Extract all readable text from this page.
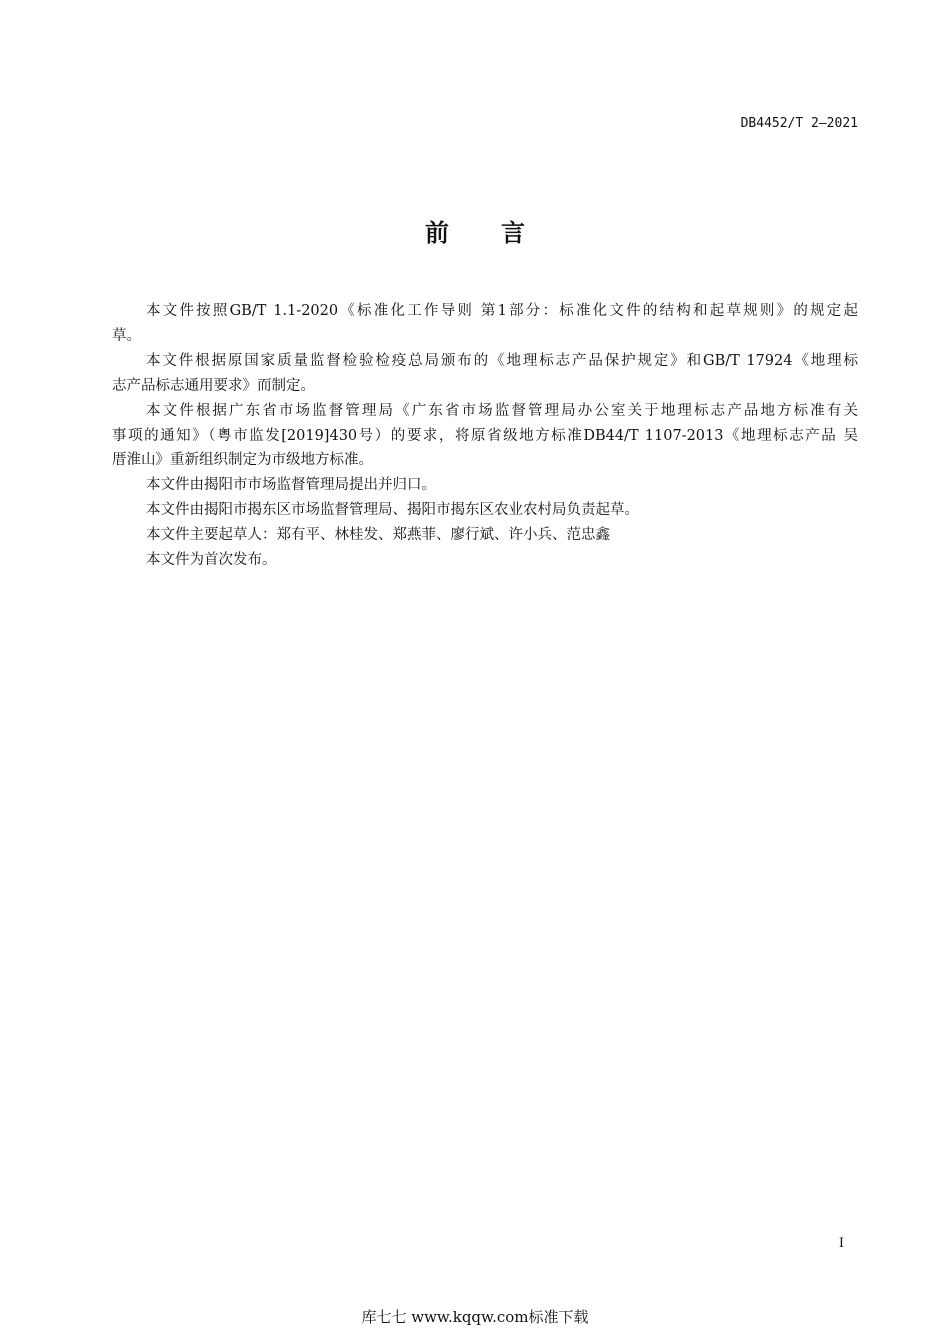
DB4452/T 2—2021
前言
本文件按照GB/T 1.1-2020《标准化工作导则 第1部分：标准化文件的结构和起草规则》的规定起
草。
本文件根据原国家质量监督检验检疫总局颁布的《地理标志产品保护规定》和GB/T 17924《地理标
志产品标志通用要求》而制定。
本文件根据广东省市场监督管理局《广东省市场监督管理局办公室关于地理标志产品地方标准有关
事项的通知》（粤市监发[2019]430号）的要求，将原省级地方标准DB44/T 1107-2013《地理标志产品 吴
厝淮山》重新组织制定为市级地方标准。
本文件由揭阳市市场监督管理局提出并归口。
本文件由揭阳市揭东区市场监督管理局、揭阳市揭东区农业农村局负责起草。
本文件主要起草人：郑有平、林桂发、郑燕菲、廖行斌、许小兵、范忠鑫
本文件为首次发布。
I
库七七 www.kqqw.com标准下载
